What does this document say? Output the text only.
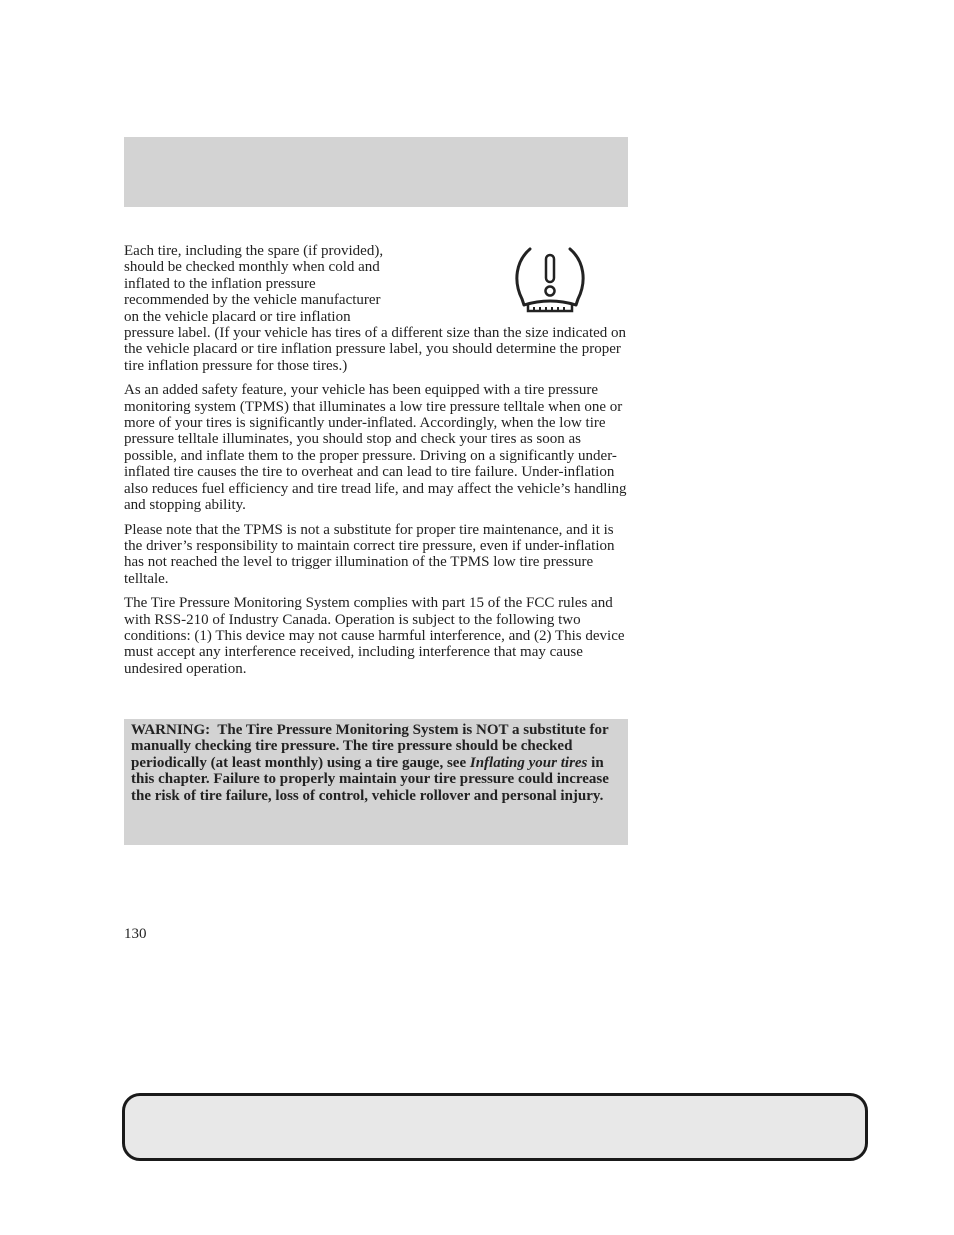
Each tire, including the spare (if provided), should be checked monthly when cold and inflated to the inflation pressure recommended by the vehicle manufacturer on the vehicle placard or tire inflation pressure label. (If your vehicle has tires of a different size than the size indicated on the vehicle placard or tire inflation pressure label, you should determine the proper tire inflation pressure for those tires.)

As an added safety feature, your vehicle has been equipped with a tire pressure monitoring system (TPMS) that illuminates a low tire pressure telltale when one or more of your tires is significantly under-inflated. Accordingly, when the low tire pressure telltale illuminates, you should stop and check your tires as soon as possible, and inflate them to the proper pressure. Driving on a significantly under-inflated tire causes the tire to overheat and can lead to tire failure. Under-inflation also reduces fuel efficiency and tire tread life, and may affect the vehicle’s handling and stopping ability.

Please note that the TPMS is not a substitute for proper tire maintenance, and it is the driver’s responsibility to maintain correct tire pressure, even if under-inflation has not reached the level to trigger illumination of the TPMS low tire pressure telltale.

The Tire Pressure Monitoring System complies with part 15 of the FCC rules and with RSS-210 of Industry Canada. Operation is subject to the following two conditions: (1) This device may not cause harmful interference, and (2) This device must accept any interference received, including interference that may cause undesired operation.

WARNING: The Tire Pressure Monitoring System is NOT a substitute for manually checking tire pressure. The tire pressure should be checked periodically (at least monthly) using a tire gauge, see Inflating your tires in this chapter. Failure to properly maintain your tire pressure could increase the risk of tire failure, loss of control, vehicle rollover and personal injury.
130
